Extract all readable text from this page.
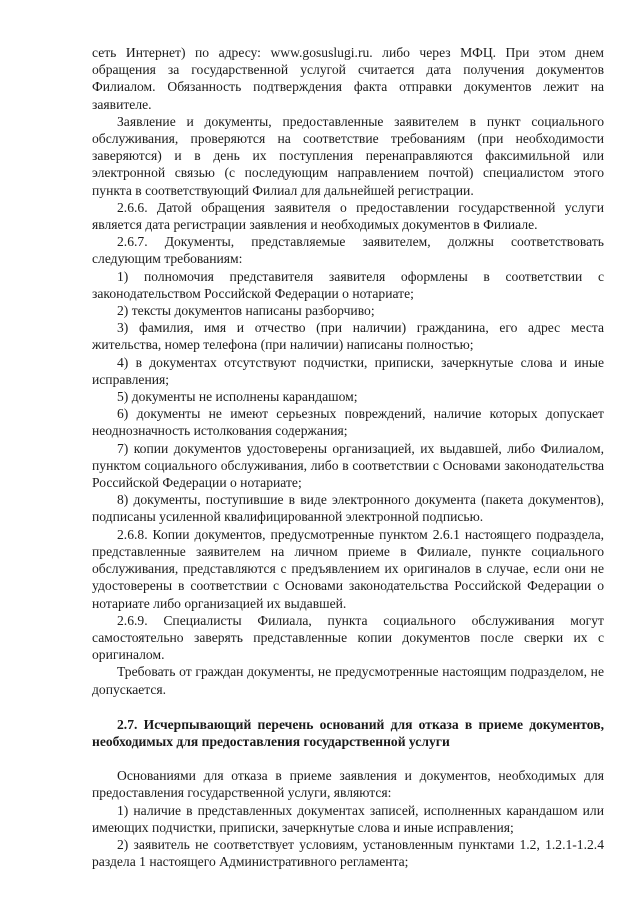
сеть Интернет) по адресу: www.gosuslugi.ru. либо через МФЦ. При этом днем обращения за государственной услугой считается дата получения документов Филиалом. Обязанность подтверждения факта отправки документов лежит на заявителе.

Заявление и документы, предоставленные заявителем в пункт социального обслуживания, проверяются на соответствие требованиям (при необходимости заверяются) и в день их поступления перенаправляются факсимильной или электронной связью (с последующим направлением почтой) специалистом этого пункта в соответствующий Филиал для дальнейшей регистрации.

2.6.6. Датой обращения заявителя о предоставлении государственной услуги является дата регистрации заявления и необходимых документов в Филиале.

2.6.7. Документы, представляемые заявителем, должны соответствовать следующим требованиям:

1) полномочия представителя заявителя оформлены в соответствии с законодательством Российской Федерации о нотариате;

2) тексты документов написаны разборчиво;

3) фамилия, имя и отчество (при наличии) гражданина, его адрес места жительства, номер телефона (при наличии) написаны полностью;

4) в документах отсутствуют подчистки, приписки, зачеркнутые слова и иные исправления;

5) документы не исполнены карандашом;

6) документы не имеют серьезных повреждений, наличие которых допускает неоднозначность истолкования содержания;

7) копии документов удостоверены организацией, их выдавшей, либо Филиалом, пунктом социального обслуживания, либо в соответствии с Основами законодательства Российской Федерации о нотариате;

8) документы, поступившие в виде электронного документа (пакета документов), подписаны усиленной квалифицированной электронной подписью.

2.6.8. Копии документов, предусмотренные пунктом 2.6.1 настоящего подраздела, представленные заявителем на личном приеме в Филиале, пункте социального обслуживания, представляются с предъявлением их оригиналов в случае, если они не удостоверены в соответствии с Основами законодательства Российской Федерации о нотариате либо организацией их выдавшей.

2.6.9. Специалисты Филиала, пункта социального обслуживания могут самостоятельно заверять представленные копии документов после сверки их с оригиналом.

Требовать от граждан документы, не предусмотренные настоящим подразделом, не допускается.

2.7. Исчерпывающий перечень оснований для отказа в приеме документов, необходимых для предоставления государственной услуги

Основаниями для отказа в приеме заявления и документов, необходимых для предоставления государственной услуги, являются:

1) наличие в представленных документах записей, исполненных карандашом или имеющих подчистки, приписки, зачеркнутые слова и иные исправления;

2) заявитель не соответствует условиям, установленным пунктами 1.2, 1.2.1-1.2.4 раздела 1 настоящего Административного регламента;
